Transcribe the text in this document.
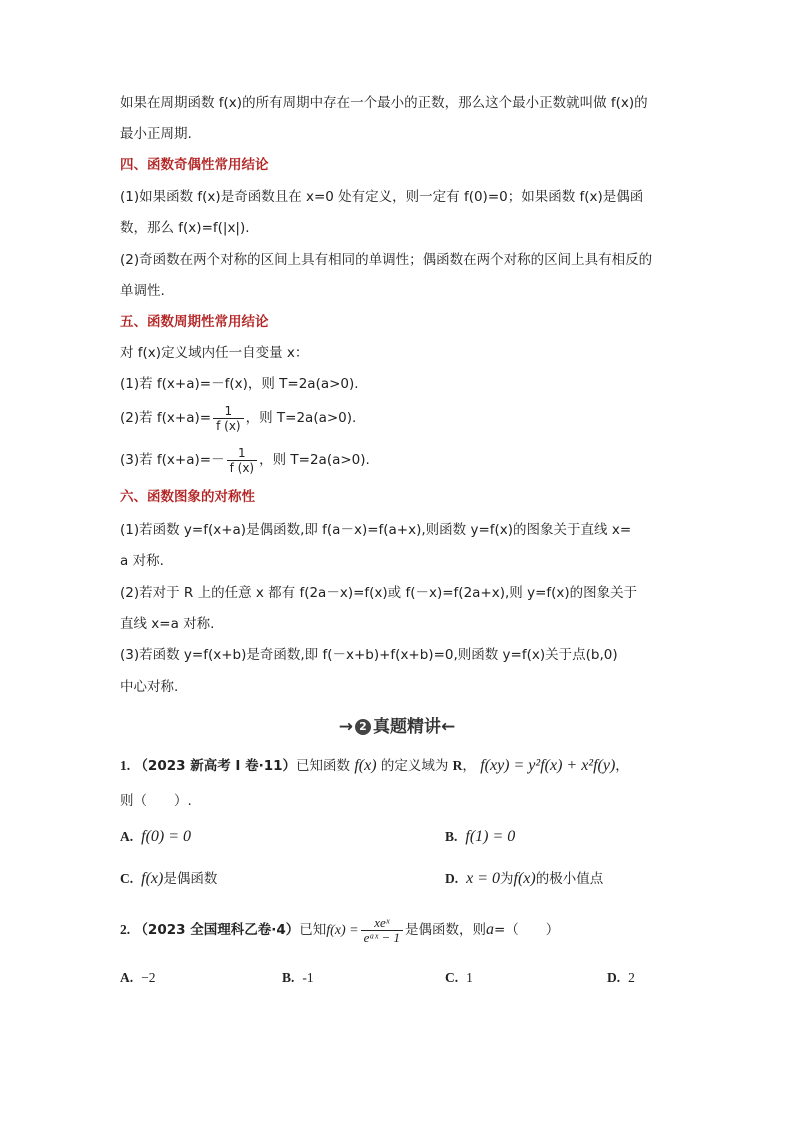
如果在周期函数 f(x)的所有周期中存在一个最小的正数，那么这个最小正数就叫做 f(x)的
最小正周期.
四、函数奇偶性常用结论
(1)如果函数 f(x)是奇函数且在 x=0 处有定义，则一定有 f(0)=0；如果函数 f(x)是偶函
数，那么 f(x)=f(|x|).
(2)奇函数在两个对称的区间上具有相同的单调性；偶函数在两个对称的区间上具有相反的
单调性.
五、函数周期性常用结论
对 f(x)定义域内任一自变量 x：
(1)若 f(x+a)=－f(x)，则 T=2a(a>0).
(2)若 $f(x+a)= \frac{1}{f (x)}$ ，则 T=2a(a>0).
(3)若 $f(x+a)=- \frac{1}{f (x)}$ ，则 T=2a(a>0).
六、函数图象的对称性
(1)若函数 y=f(x+a)是偶函数,即 f(a－x)=f(a+x),则函数 y=f(x)的图象关于直线 x=
a 对称.
(2)若对于 R 上的任意 x 都有 f(2a－x)=f(x)或 f(－x)=f(2a+x),则 y=f(x)的图象关于
直线 x=a 对称.
(3)若函数 y=f(x+b)是奇函数,即 f(－x+b)+f(x+b)=0,则函数 y=f(x)关于点(b,0)
中心对称.
→ 2 真题精讲←
1. （2023 新高考 Ⅰ 卷·11）已知函数 f(x) 的定义域为 R， f(xy) = y²f(x) + x²f(y)，
则（　　）.
A. f(0) = 0	B. f(1) = 0
C. f(x)是偶函数	D. x = 0为f(x)的极小值点
2. （2023 全国理科乙卷·4）已知$f(x) = \frac{\text{xeˣ}}{\text{eᵃˣ − 1}}$ 是偶函数，则a=（　　）
A. −2	B. -1	C. 1	D. 2
